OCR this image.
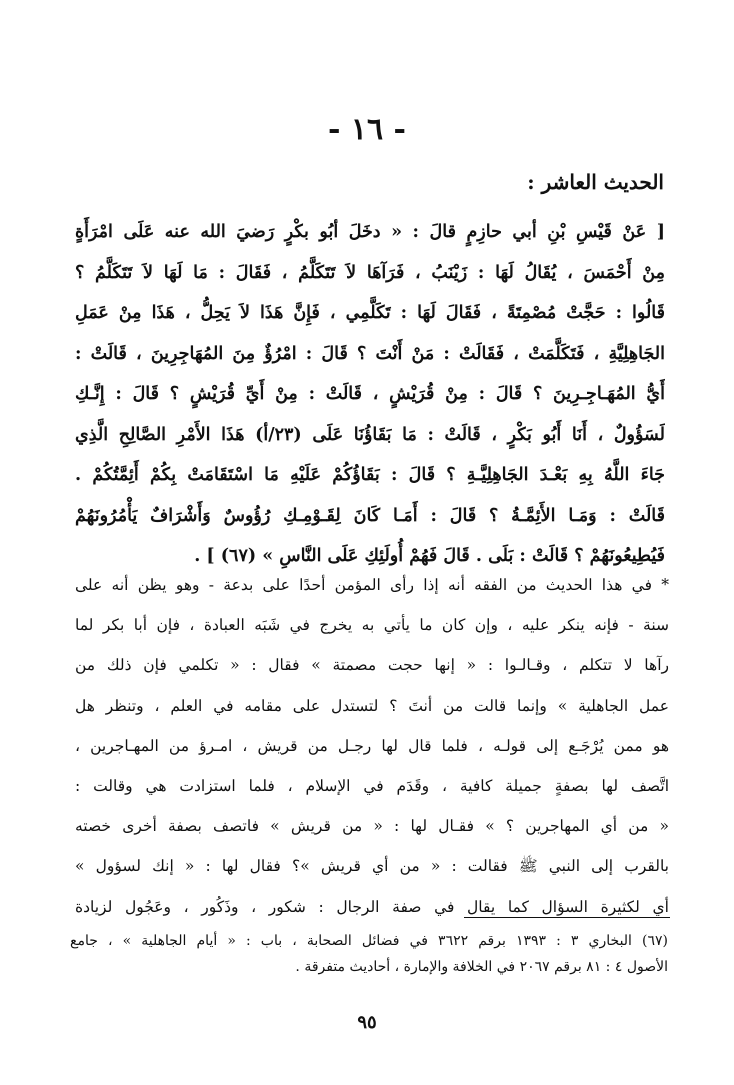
- ١٦ -
الحديث العاشر :
[ عَنْ قَيْسِ بْنِ أبي حازِمٍ قالَ : « دخَلَ أبُو بكْرٍ رَضيَ الله عنه عَلَى امْرَأَةٍ
مِنْ أَحْمَسَ ، يُقَالُ لَهَا : زَيْنَبُ ، فَرَآهَا لاَ تَتَكَلَّمُ ، فَقَالَ : مَا لَهَا لاَ تَتَكَلَّمُ ؟
قَالُوا : حَجَّتْ مُصْمِتَةً ، فَقَالَ لَهَا : تَكَلَّمِي ، فَإِنَّ هَذَا لاَ يَحِلُّ ، هَذَا مِنْ عَمَلِ
الجَاهِلِيَّةِ ، فَتَكَلَّمَتْ ، فَقَالَتْ : مَنْ أَنْتَ ؟ قَالَ : امْرُؤٌ مِنَ المُهَاجِرِينَ ، قَالَتْ :
أَيُّ المُهَـاجِـرِينَ ؟ قَالَ : مِنْ قُرَيْشٍ ، قَالَتْ : مِنْ أَيِّ قُرَيْشٍ ؟ قَالَ : إِنَّـكِ
لَسَؤُولٌ ، أَنَا أَبُو بَكْرٍ ، قَالَتْ : مَا بَقَاؤُنَا عَلَى (٢٣/أ) هَذَا الأَمْرِ الصَّالِحِ الَّذِي
جَاءَ اللَّهُ بِهِ بَعْـدَ الجَاهِلِيَّـةِ ؟ قَالَ : بَقَاؤُكُمْ عَلَيْهِ مَا اسْتَقَامَتْ بِكُمْ أَئِمَّتُكُمْ .
قَالَتْ : وَمَـا الأَئِمَّـةُ ؟ قَالَ : أَمَـا كَانَ لِقَـوْمِـكِ رُؤُوسٌ وَأَشْرَافٌ يَأْمُرُونَهُمْ
فَيُطِيعُونَهُمْ ؟ قَالَتْ : بَلَى . قَالَ فَهُمْ أُولَئِكِ عَلَى النَّاسِ » (٦٧) ] .
* في هذا الحديث من الفقه أنه إذا رأى المؤمن أحدًا على بدعة - وهو يظن أنه على
سنة - فإنه ينكر عليه ، وإن كان ما يأتي به يخرج في شَبَه العبادة ، فإن أبا بكر لما
رآها لا تتكلم ، وقـالـوا : « إنها حجت مصمتة » فقال : « تكلمي فإن ذلك من
عمل الجاهلية » وإنما قالت من أنتَ ؟ لتستدل على مقامه في العلم ، وتنظر هل
هو ممن يُرْجَـع إلى قولـه ، فلما قال لها رجـل من قريش ، امـرؤ من المهـاجرين ،
اتَّصف لها بصفةٍ جميلة كافية ، وقَدَم في الإسلام ، فلما استزادت هي وقالت :
« من أي المهاجرين ؟ » فقـال لها : « من قريش » فاتصف بصفة أخرى خصته
بالقرب إلى النبي ﷺ فقالت : « من أي قريش »؟ فقال لها : « إنك لسؤول »
أي لكثيرة السؤال كما يقال في صفة الرجال : شكور ، وذَكُور ، وعَجُول لزيادة
(٦٧) البخاري ٣ : ١٣٩٣ برقم ٣٦٢٢ في فضائل الصحابة ، باب : « أيام الجاهلية » ، جامع
الأصول ٤ : ٨١ برقم ٢٠٦٧ في الخلافة والإمارة ، أحاديث متفرقة .
٩٥
